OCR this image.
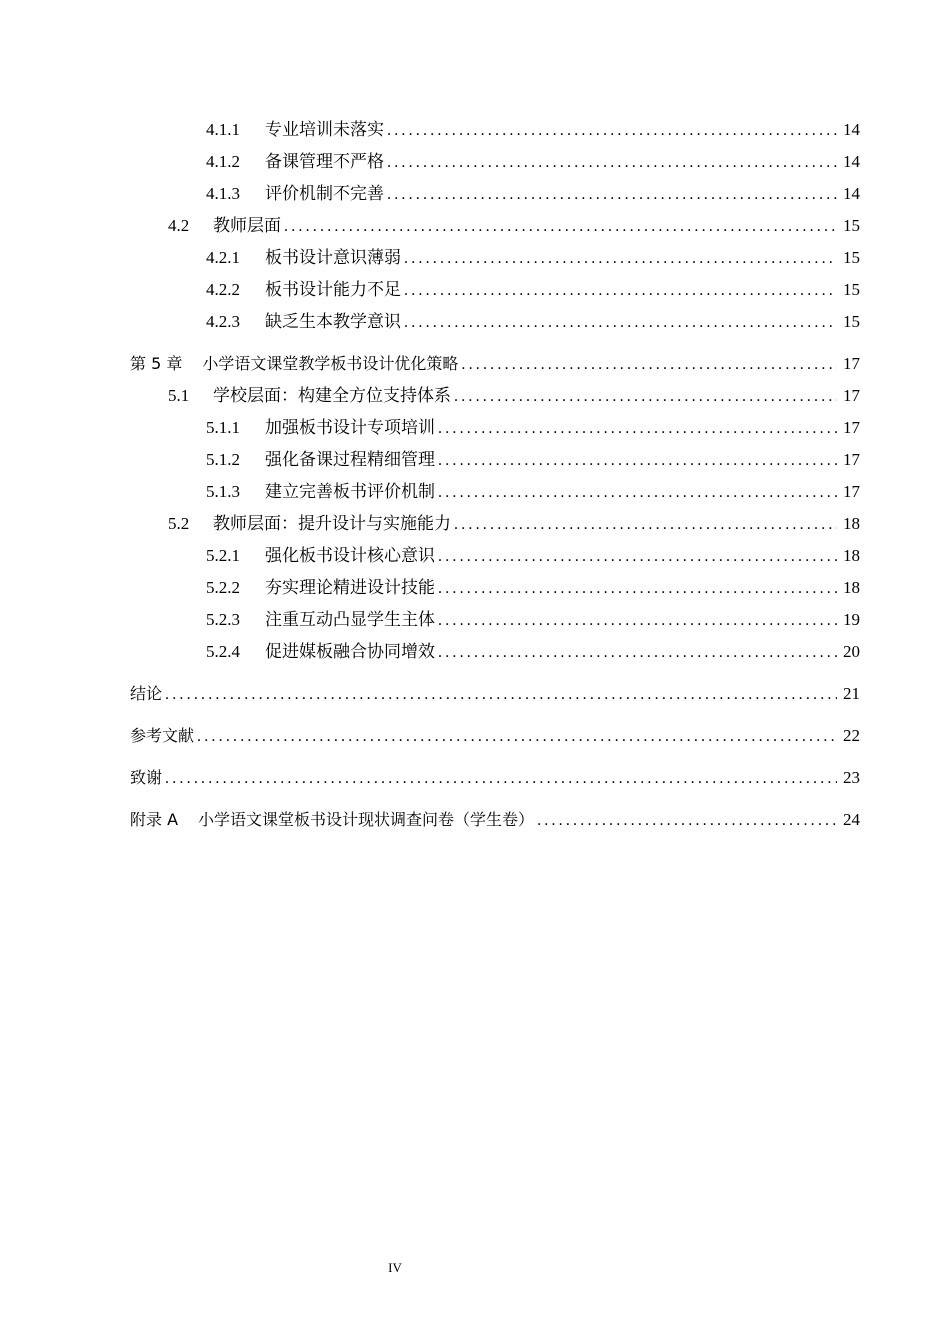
4.1.1	专业培训未落实 .....	14
4.1.2	备课管理不严格 .....	14
4.1.3	评价机制不完善 .....	14
4.2	教师层面 .....	15
4.2.1	板书设计意识薄弱 .....	15
4.2.2	板书设计能力不足 .....	15
4.2.3	缺乏生本教学意识 .....	15
第 5 章 小学语文课堂教学板书设计优化策略 .....	17
5.1	学校层面：构建全方位支持体系 .....	17
5.1.1	加强板书设计专项培训 .....	17
5.1.2	强化备课过程精细管理 .....	17
5.1.3	建立完善板书评价机制 .....	17
5.2	教师层面：提升设计与实施能力 .....	18
5.2.1	强化板书设计核心意识 .....	18
5.2.2	夯实理论精进设计技能 .....	18
5.2.3	注重互动凸显学生主体 .....	19
5.2.4	促进媒板融合协同增效 .....	20
结论 .....	21
参考文献 .....	22
致谢 .....	23
附录 A 小学语文课堂板书设计现状调查问卷（学生卷） .....	24
IV
